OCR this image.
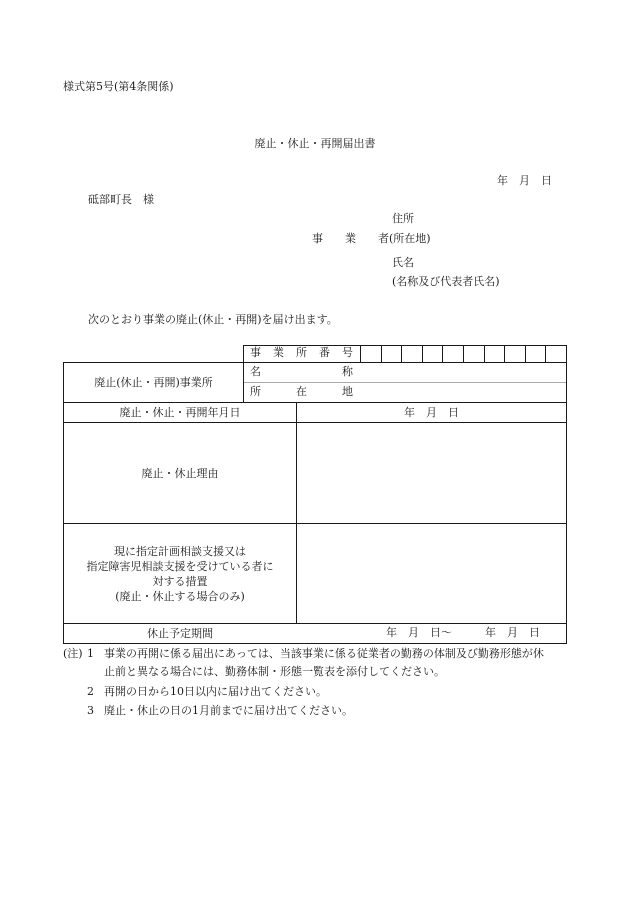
様式第5号(第4条関係)
廃止・休止・再開届出書
年　月　日
砥部町長　様
住所
事　　業　　者(所在地)
氏名
(名称及び代表者氏名)
次のとおり事業の廃止(休止・再開)を届け出ます。
事 業 所 番 号
廃止(休止・再開)事業所
名	称
所	在	地
廃止・休止・再開年月日	年　月　日
廃止・休止理由
現に指定計画相談支援又は
指定障害児相談支援を受けている者に
対する措置
(廃止・休止する場合のみ)
休止予定期間	年　月　日～　　　年　月　日
(注) 1 事業の再開に係る届出にあっては、当該事業に係る従業者の勤務の体制及び勤務形態が休
止前と異なる場合には、勤務体制・形態一覧表を添付してください。
2 再開の日から10日以内に届け出てください。
3 廃止・休止の日の1月前までに届け出てください。
